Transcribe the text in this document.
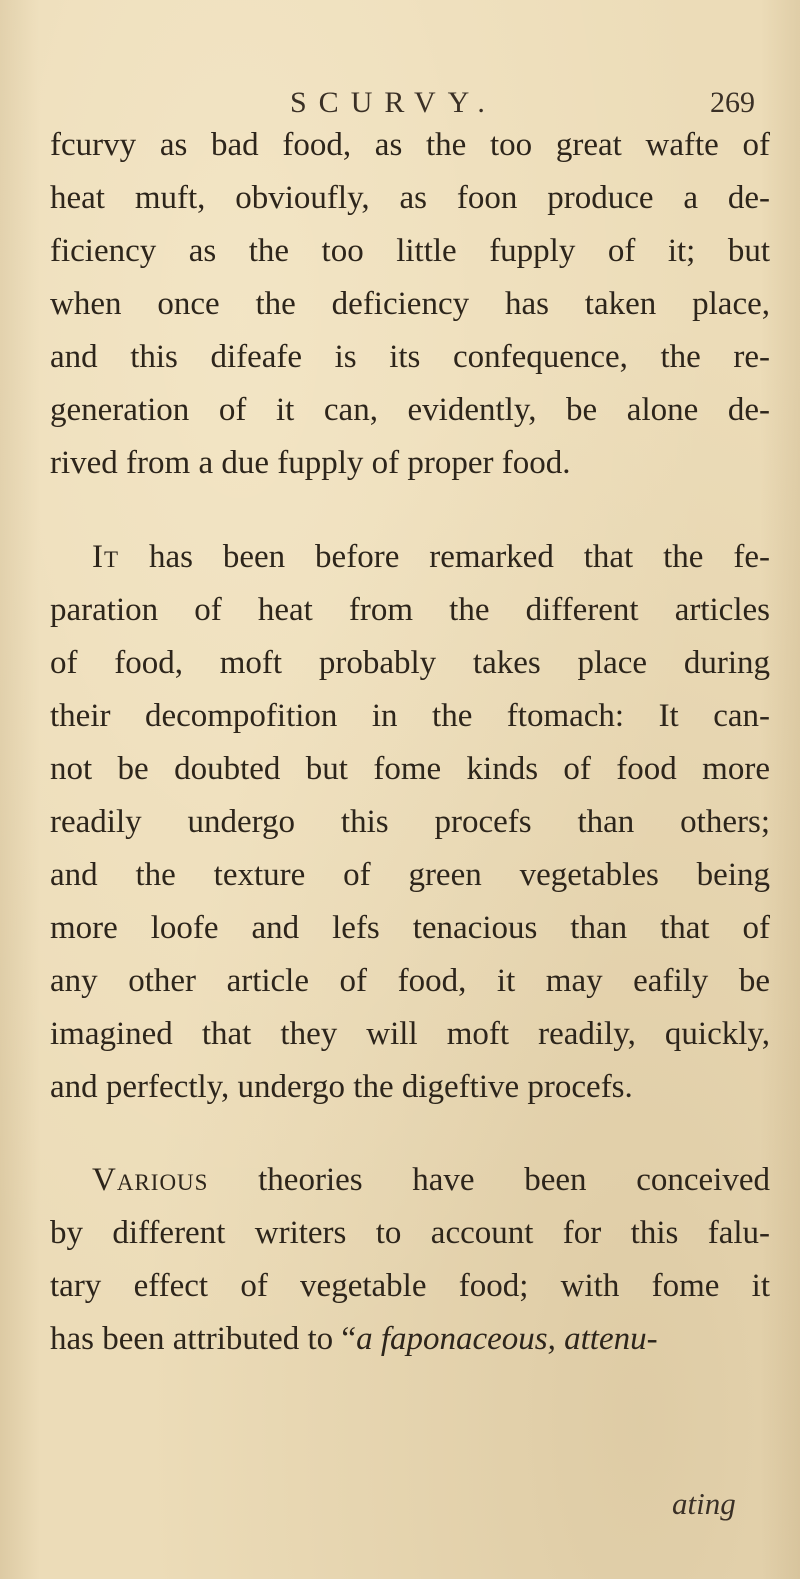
SCURVY.	269
fcurvy as bad food, as the too great wafte of
heat muft, obvioufly, as foon produce a de-
ficiency as the too little fupply of it; but
when once the deficiency has taken place,
and this difeafe is its confequence, the re-
generation of it can, evidently, be alone de-
rived from a due fupply of proper food.
It has been before remarked that the fe-
paration of heat from the different articles
of food, moft probably takes place during
their decompofition in the ftomach: It can-
not be doubted but fome kinds of food more
readily undergo this procefs than others;
and the texture of green vegetables being
more loofe and lefs tenacious than that of
any other article of food, it may eafily be
imagined that they will moft readily, quickly,
and perfectly, undergo the digeftive procefs.
Various theories have been conceived
by different writers to account for this falu-
tary effect of vegetable food; with fome it
has been attributed to “a faponaceous, attenu-
ating
